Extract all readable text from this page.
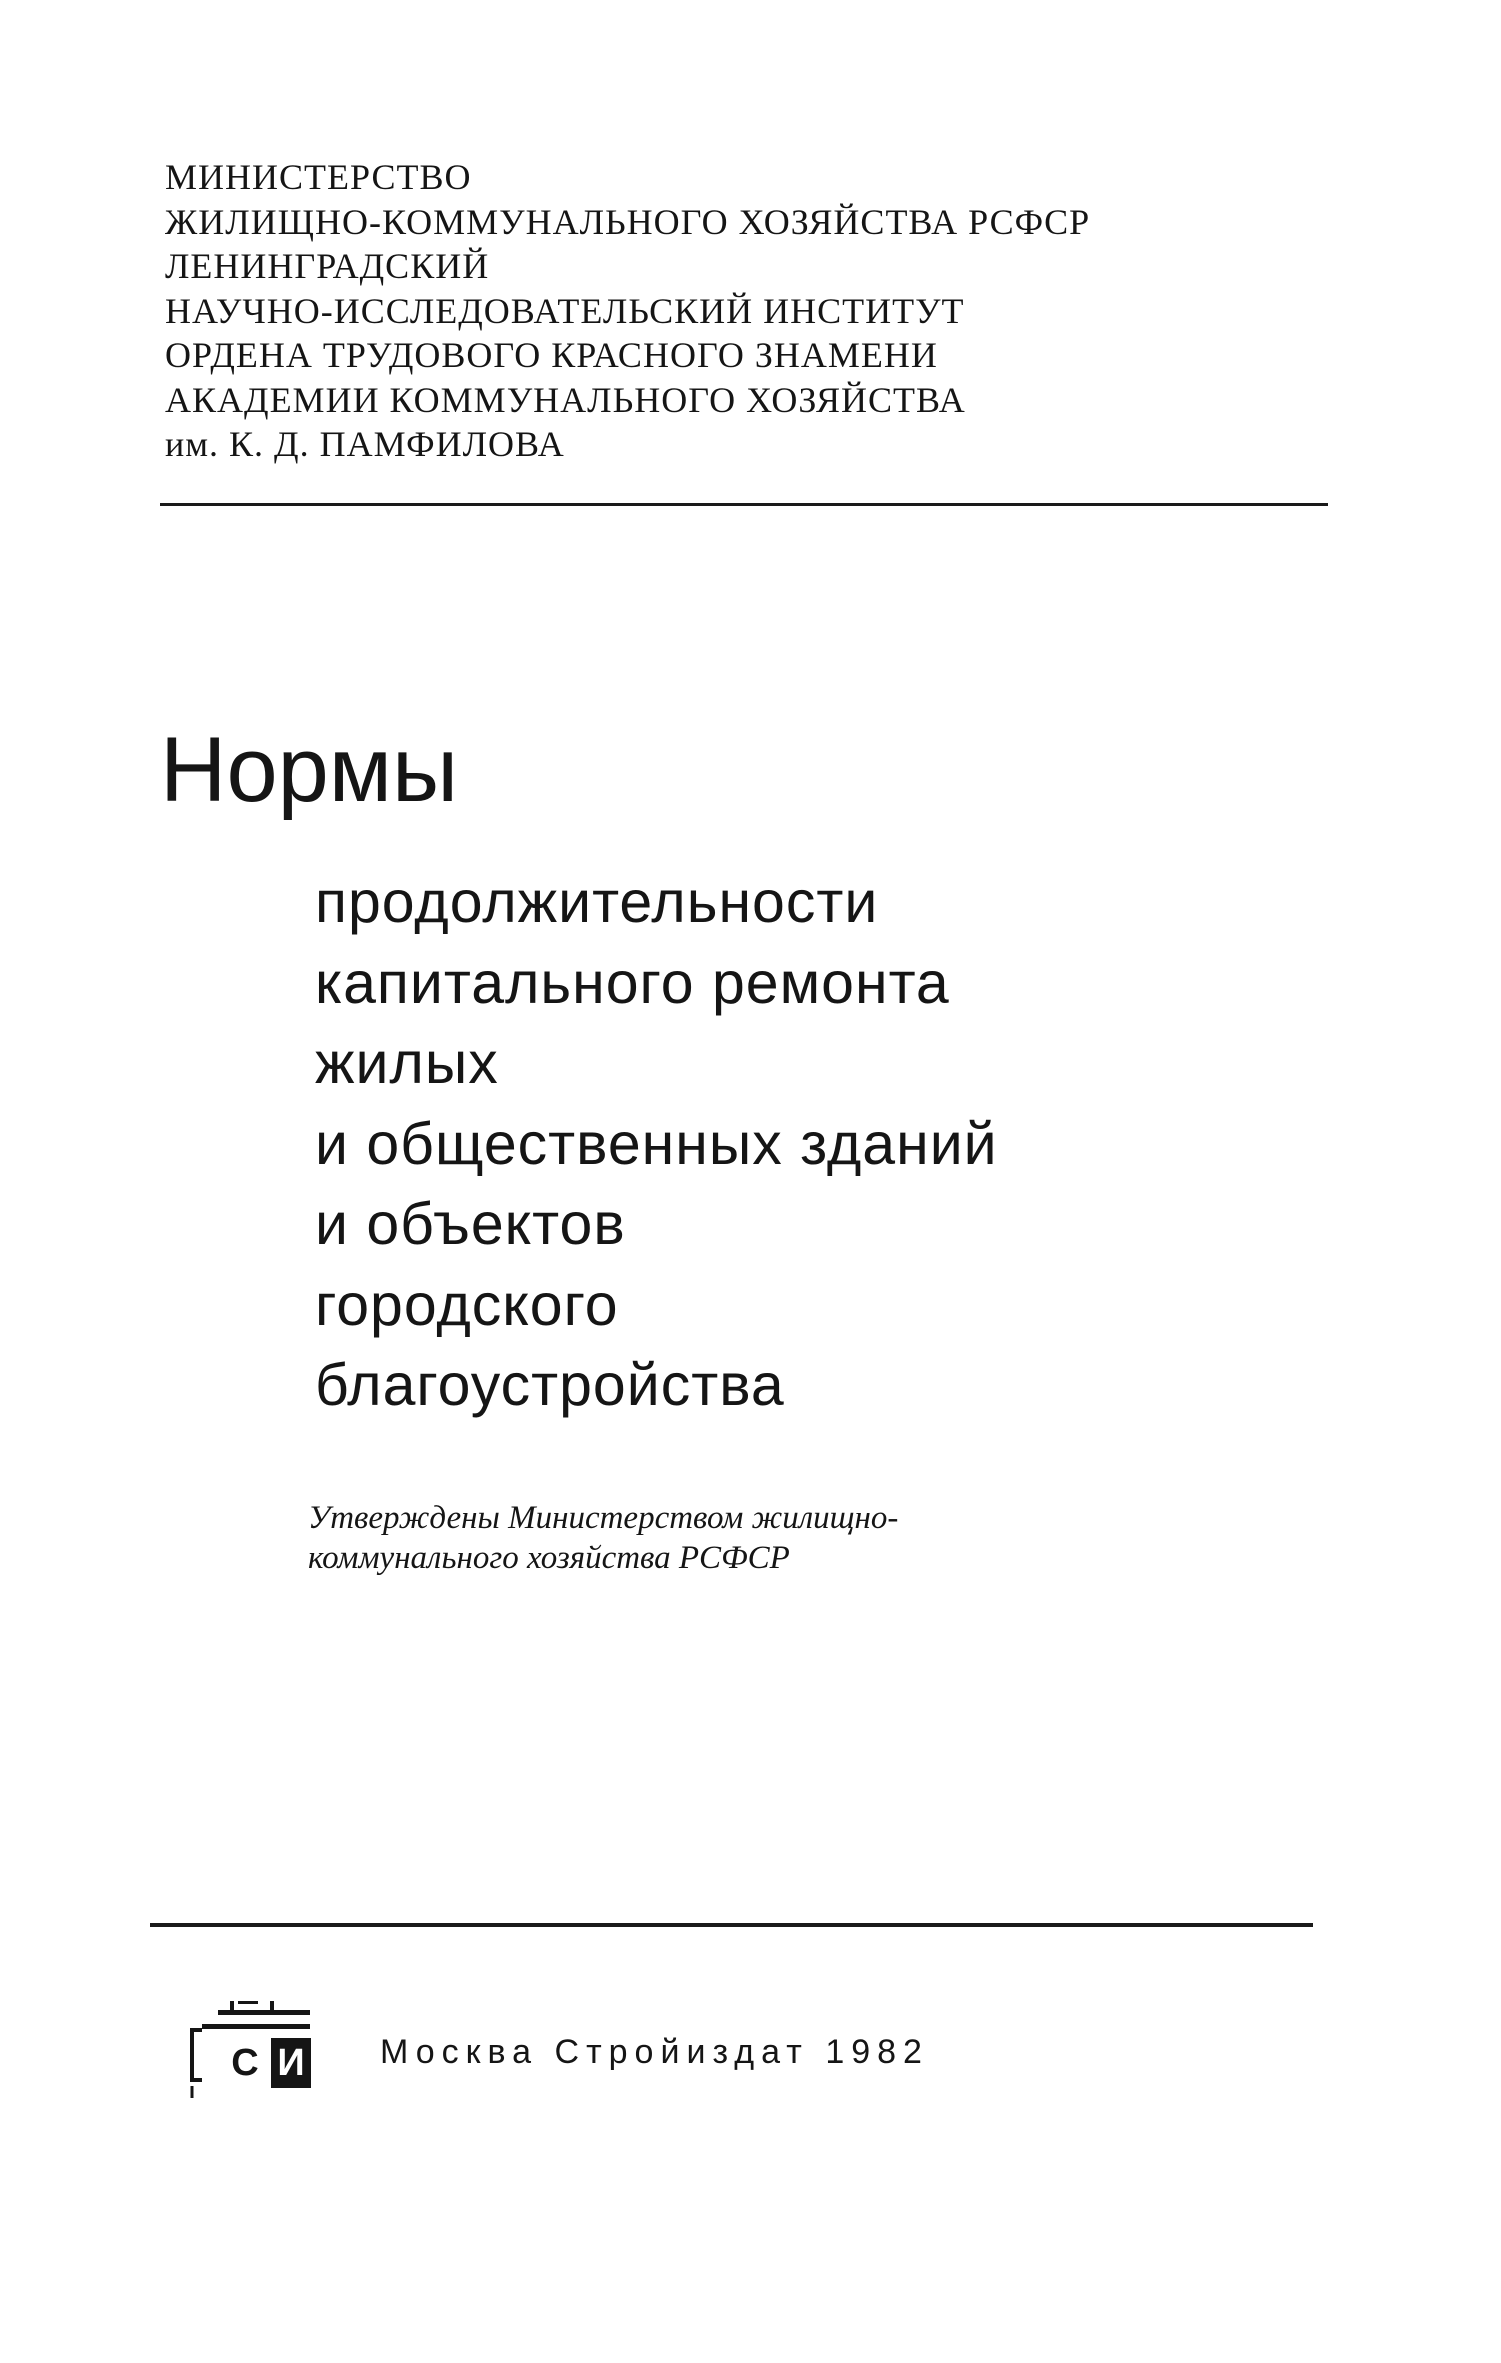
МИНИСТЕРСТВО
ЖИЛИЩНО-КОММУНАЛЬНОГО ХОЗЯЙСТВА РСФСР
ЛЕНИНГРАДСКИЙ
НАУЧНО-ИССЛЕДОВАТЕЛЬСКИЙ ИНСТИТУТ
ОРДЕНА ТРУДОВОГО КРАСНОГО ЗНАМЕНИ
АКАДЕМИИ КОММУНАЛЬНОГО ХОЗЯЙСТВА
им. К. Д. ПАМФИЛОВА
Нормы
продолжительности
капитального ремонта
жилых
и общественных зданий
и объектов
городского
благоустройства
Утверждены Министерством жилищно-
коммунального хозяйства РСФСР
С И Москва Стройиздат 1982
